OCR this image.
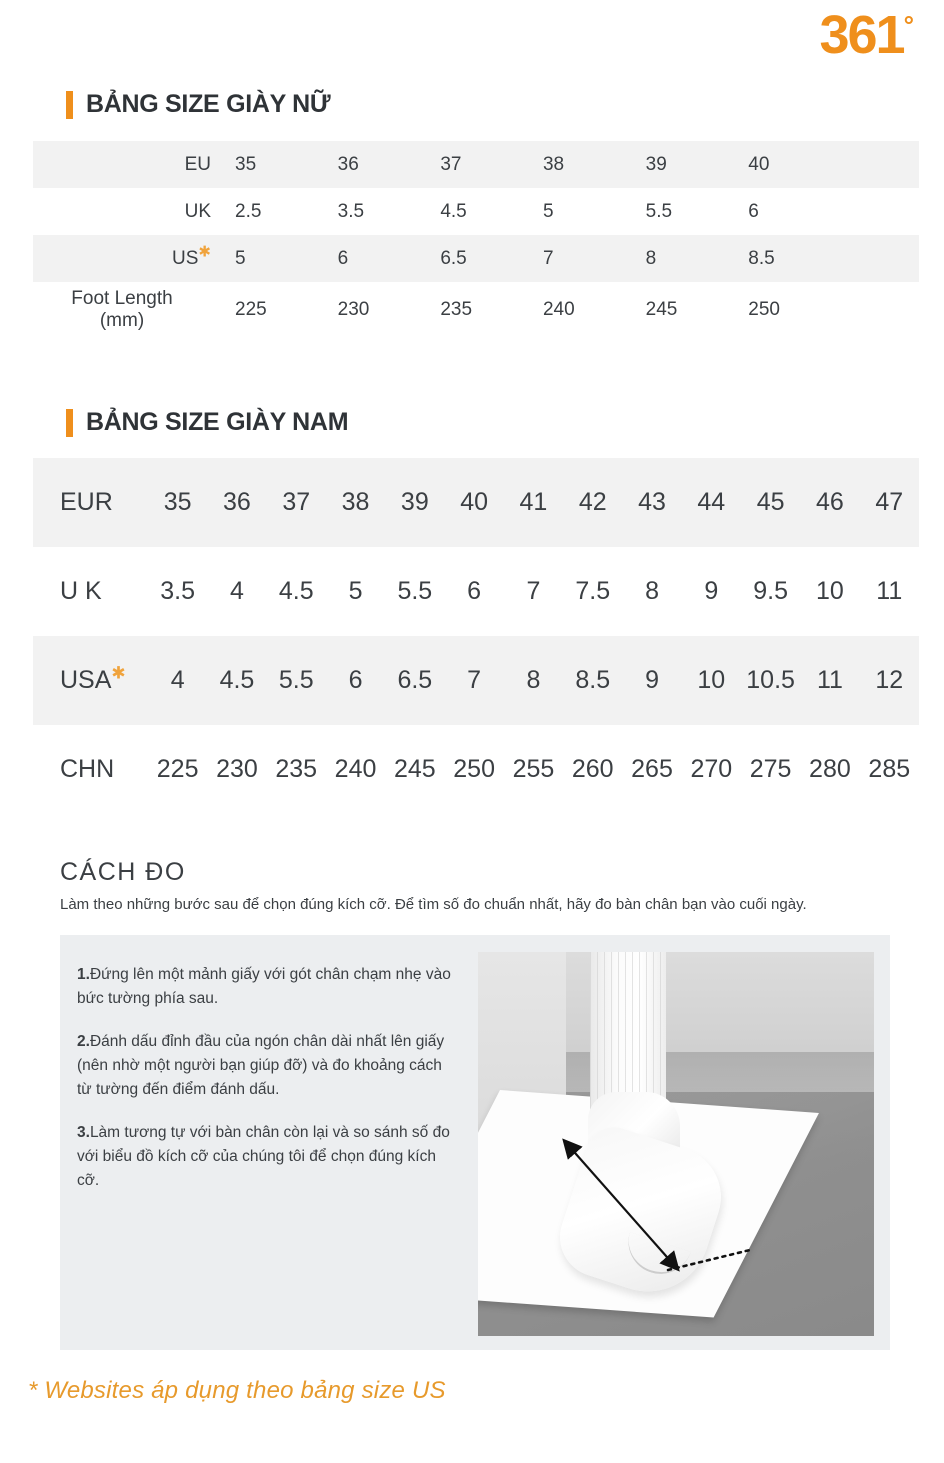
361°
BẢNG SIZE GIÀY NỮ
EU	35	36	37	38	39	40	
UK	2.5	3.5	4.5	5	5.5	6	
US✱	5	6	6.5	7	8	8.5	

Foot Length
(mm)	225	230	235	240	245	250	
BẢNG SIZE GIÀY NAM
EUR	35	36	37	38	39	40	41	42	43	44	45	46	47
U K	3.5	4	4.5	5	5.5	6	7	7.5	8	9	9.5	10	11
USA✱	4	4.5	5.5	6	6.5	7	8	8.5	9	10	10.5	11	12
CHN	225	230	235	240	245	250	255	260	265	270	275	280	285
CÁCH ĐO

Làm theo những bước sau để chọn đúng kích cỡ. Để tìm số đo chuẩn nhất, hãy đo bàn chân bạn vào cuối ngày.

1.Đứng lên một mảnh giấy với gót chân chạm nhẹ vào bức tường phía sau.

2.Đánh dấu đỉnh đầu của ngón chân dài nhất lên giấy (nên nhờ một người bạn giúp đỡ) và đo khoảng cách từ tường đến điểm đánh dấu.

3.Làm tương tự với bàn chân còn lại và so sánh số đo với biểu đồ kích cỡ của chúng tôi để chọn đúng kích cỡ.

* Websites áp dụng theo bảng size US
